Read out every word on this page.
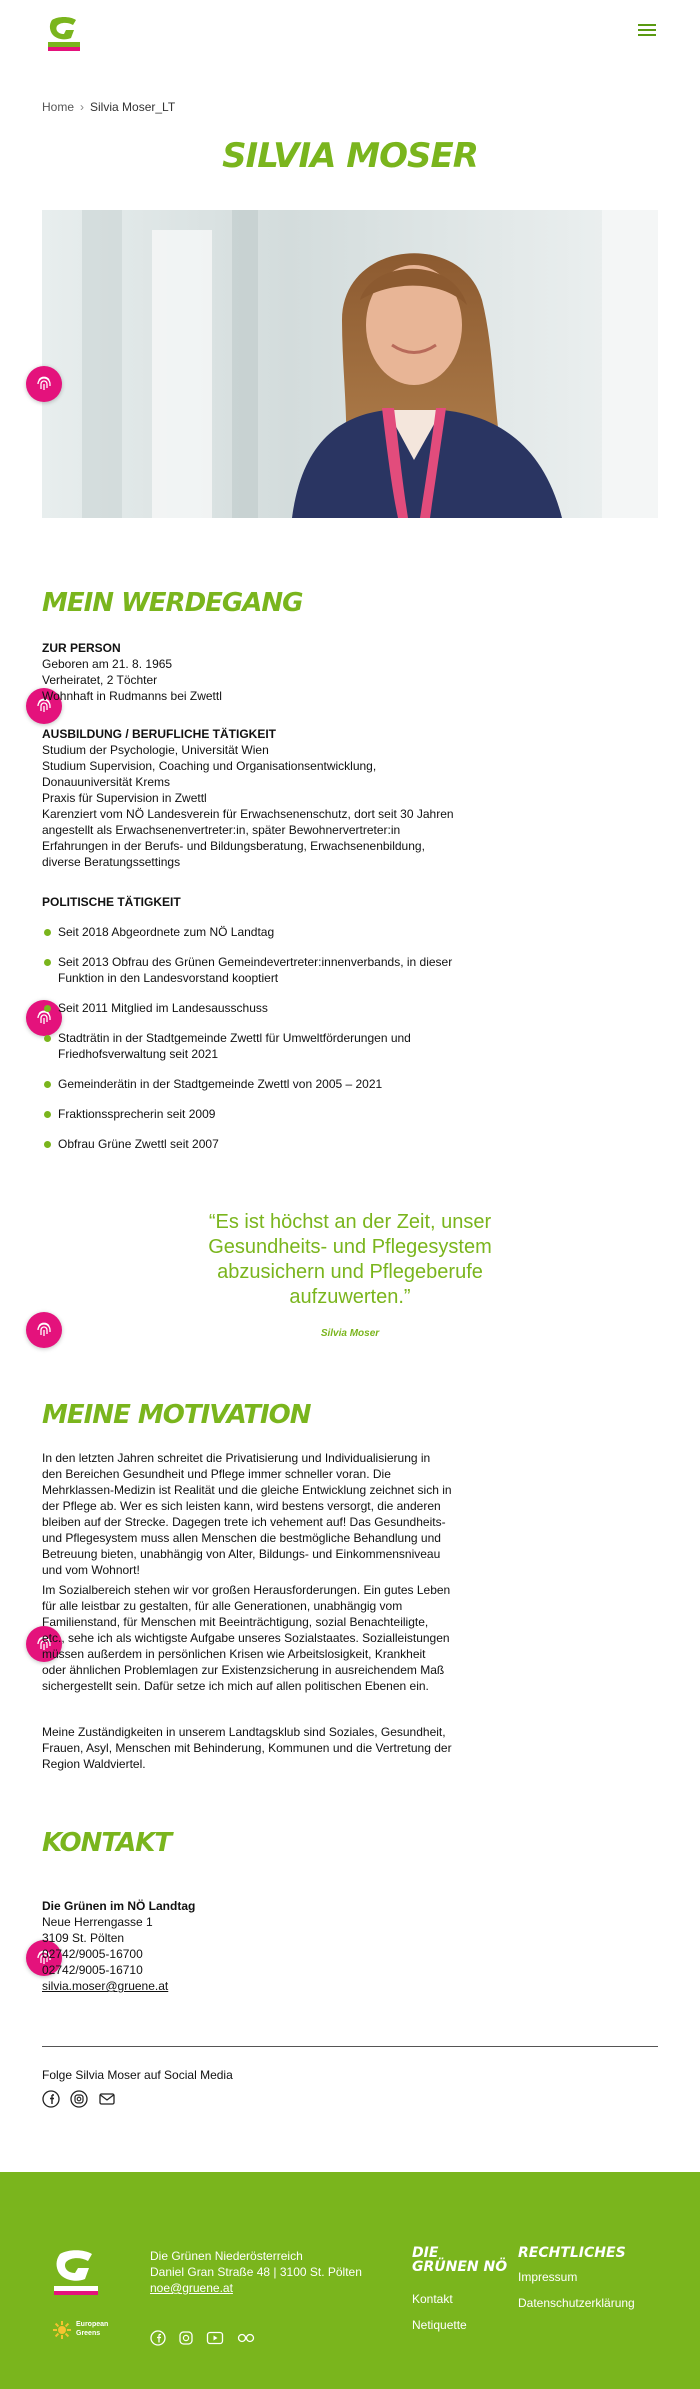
Home › Silvia Moser_LT
SILVIA MOSER
MEIN WERDEGANG
ZUR PERSON
Geboren am 21. 8. 1965
Verheiratet, 2 Töchter
Wohnhaft in Rudmanns bei Zwettl
AUSBILDUNG / BERUFLICHE TÄTIGKEIT
Studium der Psychologie, Universität Wien
Studium Supervision, Coaching und Organisationsentwicklung,
Donauuniversität Krems
Praxis für Supervision in Zwettl
Karenziert vom NÖ Landesverein für Erwachsenenschutz, dort seit 30 Jahren
angestellt als Erwachsenenvertreter:in, später Bewohnervertreter:in
Erfahrungen in der Berufs- und Bildungsberatung, Erwachsenenbildung,
diverse Beratungssettings
POLITISCHE TÄTIGKEIT
Seit 2018 Abgeordnete zum NÖ Landtag
Seit 2013 Obfrau des Grünen Gemeindevertreter:innenverbands, in dieser Funktion in den Landesvorstand kooptiert
Seit 2011 Mitglied im Landesausschuss
Stadträtin in der Stadtgemeinde Zwettl für Umweltförderungen und Friedhofsverwaltung seit 2021
Gemeinderätin in der Stadtgemeinde Zwettl von 2005 – 2021
Fraktionssprecherin seit 2009
Obfrau Grüne Zwettl seit 2007
“Es ist höchst an der Zeit, unser Gesundheits- und Pflegesystem abzusichern und Pflegeberufe aufzuwerten.”
Silvia Moser
MEINE MOTIVATION
In den letzten Jahren schreitet die Privatisierung und Individualisierung in den Bereichen Gesundheit und Pflege immer schneller voran. Die Mehrklassen-Medizin ist Realität und die gleiche Entwicklung zeichnet sich in der Pflege ab. Wer es sich leisten kann, wird bestens versorgt, die anderen bleiben auf der Strecke. Dagegen trete ich vehement auf! Das Gesundheits- und Pflegesystem muss allen Menschen die bestmögliche Behandlung und Betreuung bieten, unabhängig von Alter, Bildungs- und Einkommensniveau und vom Wohnort!
Im Sozialbereich stehen wir vor großen Herausforderungen. Ein gutes Leben für alle leistbar zu gestalten, für alle Generationen, unabhängig vom Familienstand, für Menschen mit Beeinträchtigung, sozial Benachteiligte, etc., sehe ich als wichtigste Aufgabe unseres Sozialstaates. Sozialleistungen müssen außerdem in persönlichen Krisen wie Arbeitslosigkeit, Krankheit oder ähnlichen Problemlagen zur Existenzsicherung in ausreichendem Maß sichergestellt sein. Dafür setze ich mich auf allen politischen Ebenen ein.
Meine Zuständigkeiten in unserem Landtagsklub sind Soziales, Gesundheit, Frauen, Asyl, Menschen mit Behinderung, Kommunen und die Vertretung der Region Waldviertel.
KONTAKT
Die Grünen im NÖ Landtag
Neue Herrengasse 1
3109 St. Pölten
02742/9005-16700
02742/9005-16710
silvia.moser@gruene.at
Folge Silvia Moser auf Social Media
European
Greens
Die Grünen Niederösterreich
Daniel Gran Straße 48 | 3100 St. Pölten
noe@gruene.at
DIE
GRÜNEN NÖ
Kontakt
Netiquette
RECHTLICHES
Impressum
Datenschutzerklärung
